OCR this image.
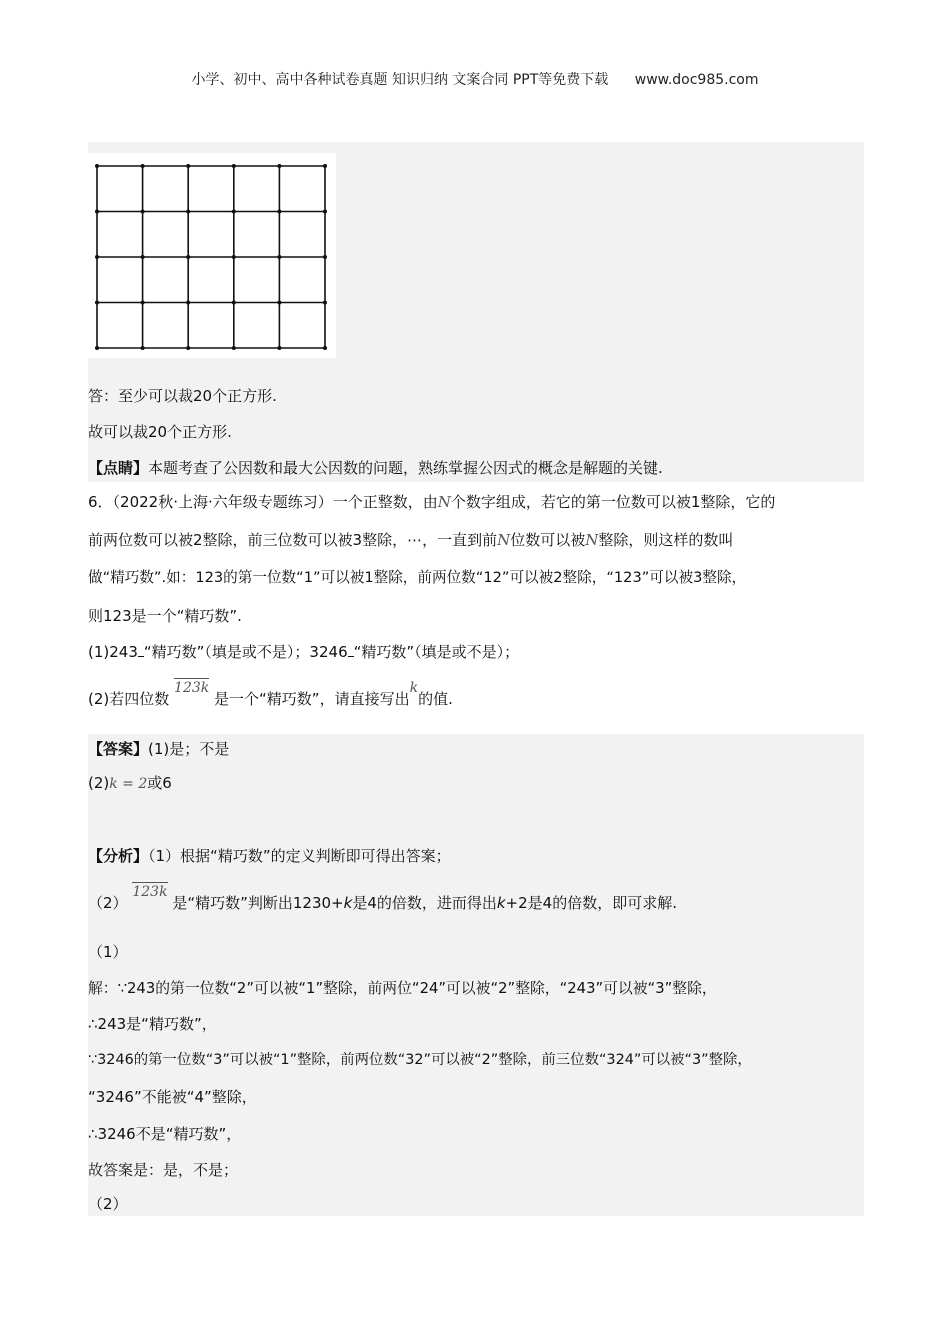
小学、初中、高中各种试卷真题 知识归纳 文案合同 PPT等免费下载 www.doc985.com
答：至少可以裁20个正方形.
故可以裁20个正方形.
【点睛】本题考查了公因数和最大公因数的问题，熟练掌握公因式的概念是解题的关键.
6．（2022秋·上海·六年级专题练习）一个正整数，由N个数字组成，若它的第一位数可以被1整除，它的
前两位数可以被2整除，前三位数可以被3整除，⋯，一直到前N位数可以被N整除，则这样的数叫
做“精巧数”.如：123的第一位数“1”可以被1整除，前两位数“12”可以被2整除，“123”可以被3整除，
则123是一个“精巧数”.
(1)243 “精巧数”（填是或不是）；3246 “精巧数”（填是或不是）；
(2)若四位数 123k 是一个“精巧数”，请直接写出k的值.
【答案】(1)是；不是
(2)k = 2或6
【分析】（1）根据“精巧数”的定义判断即可得出答案；
（2） 123k 是“精巧数”判断出1230+k是4的倍数，进而得出k+2是4的倍数，即可求解.
（1）
解：∵243的第一位数“2”可以被“1”整除，前两位“24”可以被“2”整除，“243”可以被“3”整除，
∴243是“精巧数”，
∵3246的第一位数“3”可以被“1”整除，前两位数“32”可以被“2”整除，前三位数“324”可以被“3”整除，
“3246”不能被“4”整除，
∴3246不是“精巧数”，
故答案是：是，不是；
（2）
